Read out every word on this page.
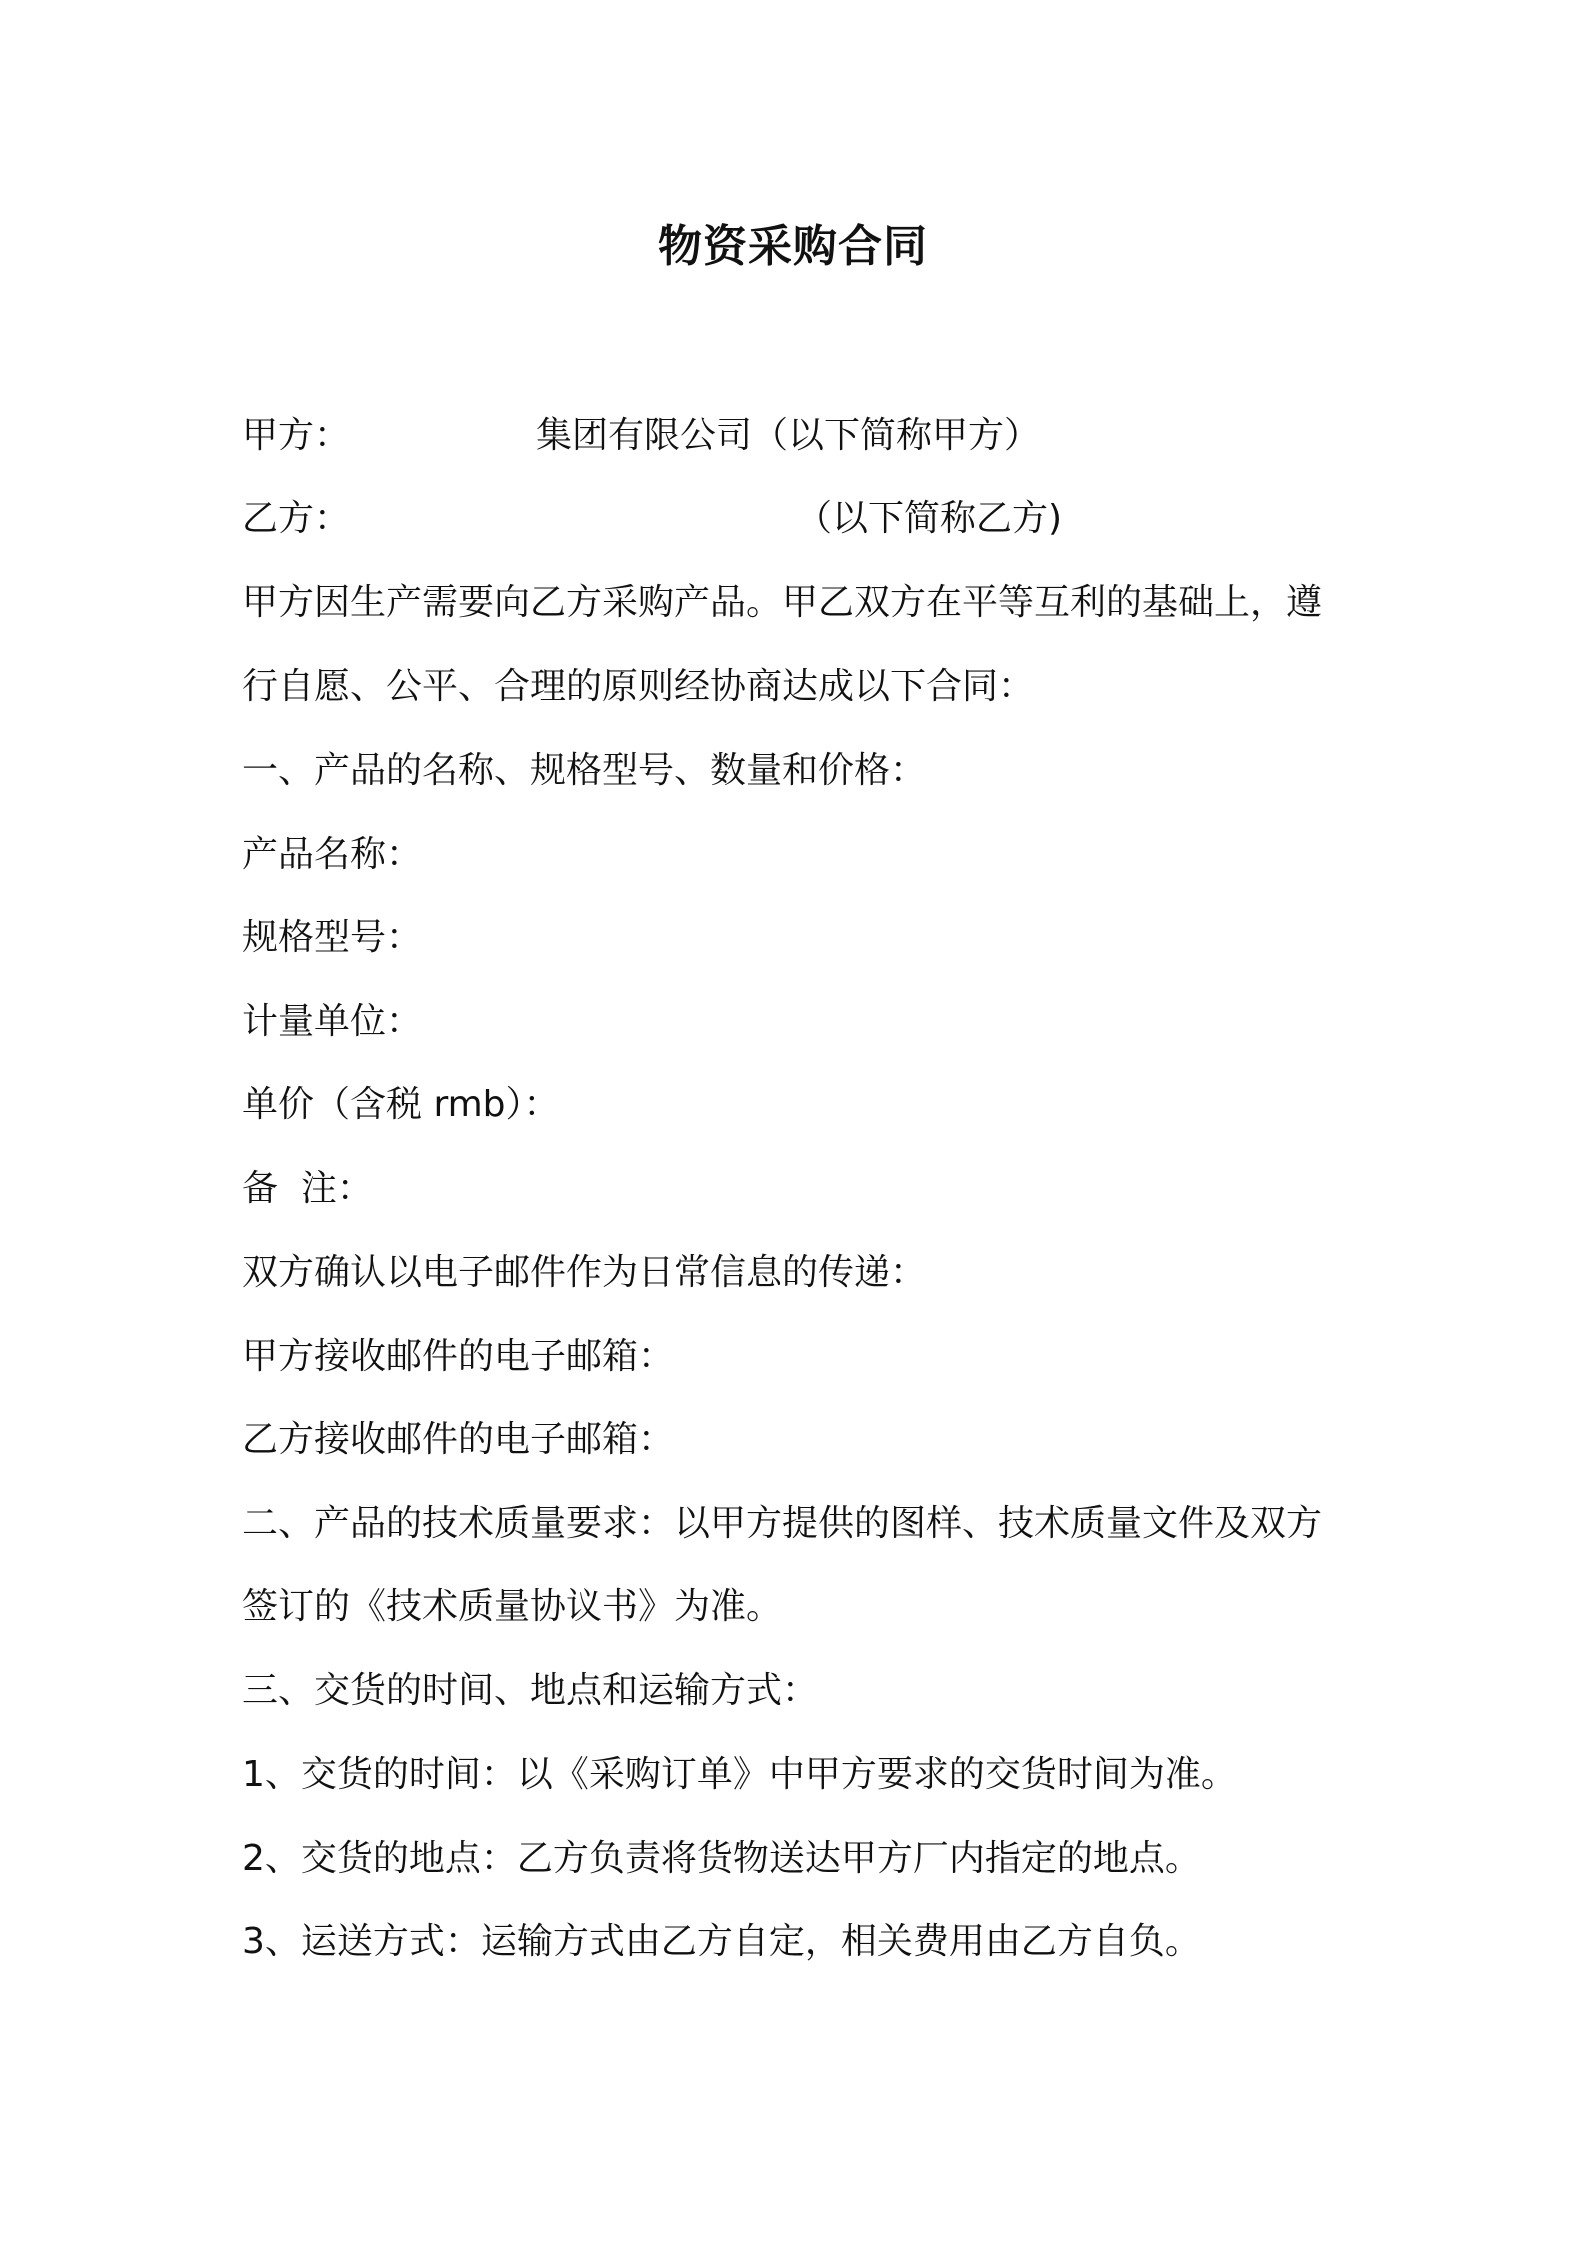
物资采购合同
甲方：	集团有限公司（以下简称甲方）
乙方：	（以下简称乙方)
甲方因生产需要向乙方采购产品。甲乙双方在平等互利的基础上，遵
行自愿、公平、合理的原则经协商达成以下合同：
一、产品的名称、规格型号、数量和价格：
产品名称：
规格型号：
计量单位：
单价（含税 rmb）：
备  注：
双方确认以电子邮件作为日常信息的传递：
甲方接收邮件的电子邮箱：
乙方接收邮件的电子邮箱：
二、产品的技术质量要求：以甲方提供的图样、技术质量文件及双方
签订的《技术质量协议书》为准。
三、交货的时间、地点和运输方式：
1、交货的时间：以《采购订单》中甲方要求的交货时间为准。
2、交货的地点：乙方负责将货物送达甲方厂内指定的地点。
3、运送方式：运输方式由乙方自定，相关费用由乙方自负。
